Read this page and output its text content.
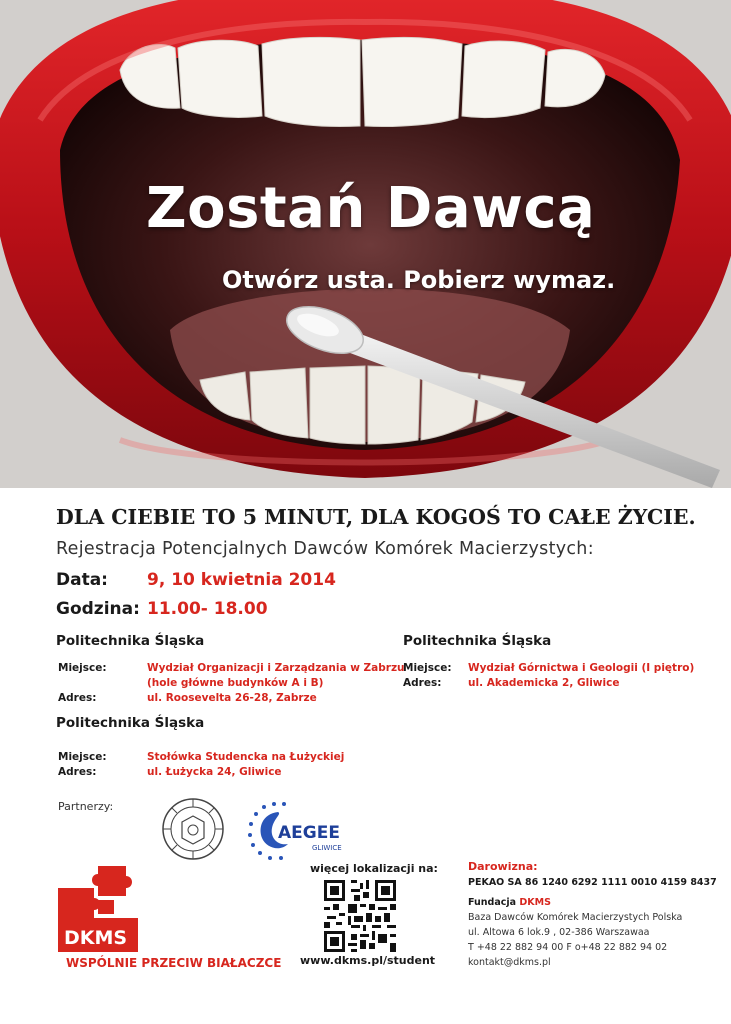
Zostań Dawcą
Otwórz usta. Pobierz wymaz.
DLA CIEBIE TO 5 MINUT, DLA KOGOŚ TO CAŁE ŻYCIE.
Rejestracja Potencjalnych Dawców Komórek Macierzystych:
Data: 9, 10 kwietnia 2014
Godzina: 11.00- 18.00
Politechnika Śląska
Miejsce:	Wydział Organizacji i Zarządzania w Zabrzu
(hole główne budynków A i B)
Adres:	ul. Roosevelta 26-28, Zabrze
Politechnika Śląska
Miejsce: Wydział Górnictwa i Geologii (I piętro)
Adres:	ul. Akademicka 2, Gliwice
Politechnika Śląska
Miejsce:	Stołówka Studencka na Łużyckiej
Adres:	ul. Łużycka 24, Gliwice
Partnerzy:
AEGEE
GLIWICE
DKMS
WSPÓLNIE PRZECIW BIAŁACZCE
więcej lokalizacji na:
www.dkms.pl/student
Darowizna:
PEKAO SA 86 1240 6292 1111 0010 4159 8437
Fundacja DKMS
Baza Dawców Komórek Macierzystych Polska
ul. Altowa 6 lok.9 , 02-386 Warszawaa
T +48 22 882 94 00 F o+48 22 882 94 02
kontakt@dkms.pl
